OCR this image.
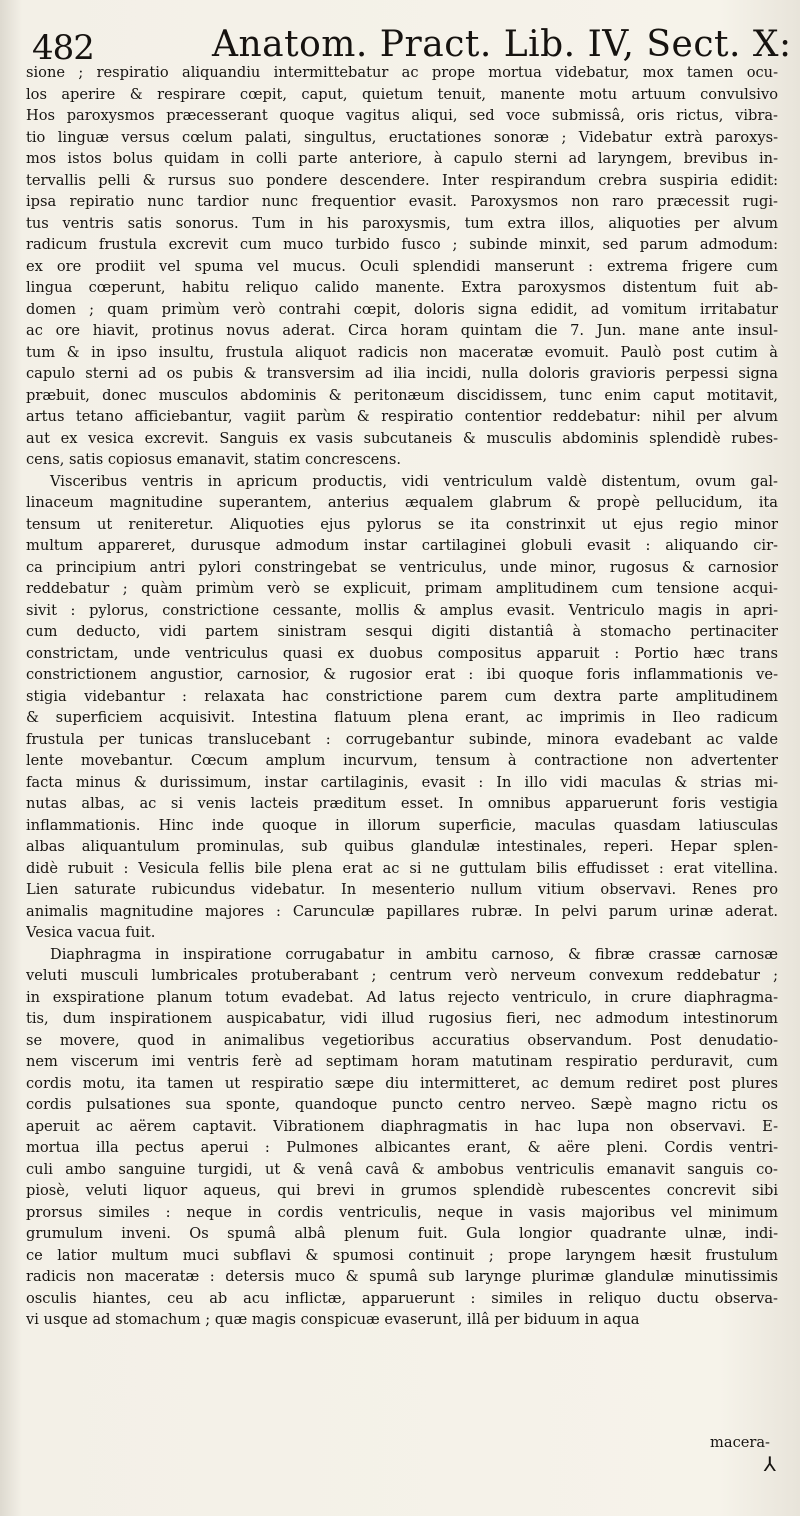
482	Anatom. Pract. Lib. IV, Sect. X:
sione ; respiratio aliquandiu intermittebatur ac prope mortua videbatur, mox tamen ocu-
los aperire & respirare cœpit, caput, quietum tenuit, manente motu artuum convulsivo
Hos paroxysmos præcesserant quoque vagitus aliqui, sed voce submissâ, oris rictus, vibra-
tio linguæ versus cœlum palati, singultus, eructationes sonoræ ; Videbatur extrà paroxys-
mos istos bolus quidam in colli parte anteriore, à capulo sterni ad laryngem, brevibus in-
tervallis pelli & rursus suo pondere descendere. Inter respirandum crebra suspiria edidit:
ipsa repiratio nunc tardior nunc frequentior evasit. Paroxysmos non raro præcessit rugi-
tus ventris satis sonorus. Tum in his paroxysmis, tum extra illos, aliquoties per alvum
radicum frustula excrevit cum muco turbido fusco ; subinde minxit, sed parum admodum:
ex ore prodiit vel spuma vel mucus. Oculi splendidi manserunt : extrema frigere cum
lingua cœperunt, habitu reliquo calido manente. Extra paroxysmos distentum fuit ab-
domen ; quam primùm verò contrahi cœpit, doloris signa edidit, ad vomitum irritabatur
ac ore hiavit, protinus novus aderat. Circa horam quintam die 7. Jun. mane ante insul-
tum & in ipso insultu, frustula aliquot radicis non maceratæ evomuit. Paulò post cutim à
capulo sterni ad os pubis & transversim ad ilia incidi, nulla doloris gravioris perpessi signa
præbuit, donec musculos abdominis & peritonæum discidissem, tunc enim caput motitavit,
artus tetano afficiebantur, vagiit parùm & respiratio contentior reddebatur: nihil per alvum
aut ex vesica excrevit. Sanguis ex vasis subcutaneis & musculis abdominis splendidè rubes-
cens, satis copiosus emanavit, statim concrescens.
Visceribus ventris in apricum productis, vidi ventriculum valdè distentum, ovum gal-
linaceum magnitudine superantem, anterius æqualem glabrum & propè pellucidum, ita
tensum ut reniteretur. Aliquoties ejus pylorus se ita constrinxit ut ejus regio minor
multum appareret, durusque admodum instar cartilaginei globuli evasit : aliquando cir-
ca principium antri pylori constringebat se ventriculus, unde minor, rugosus & carnosior
reddebatur ; quàm primùm verò se explicuit, primam amplitudinem cum tensione acqui-
sivit : pylorus, constrictione cessante, mollis & amplus evasit. Ventriculo magis in apri-
cum deducto, vidi partem sinistram sesqui digiti distantiâ à stomacho pertinaciter
constrictam, unde ventriculus quasi ex duobus compositus apparuit : Portio hæc trans
constrictionem angustior, carnosior, & rugosior erat : ibi quoque foris inflammationis ve-
stigia videbantur : relaxata hac constrictione parem cum dextra parte amplitudinem
& superficiem acquisivit. Intestina flatuum plena erant, ac imprimis in Ileo radicum
frustula per tunicas translucebant : corrugebantur subinde, minora evadebant ac valde
lente movebantur. Cœcum amplum incurvum, tensum à contractione non advertenter
facta minus & durissimum, instar cartilaginis, evasit : In illo vidi maculas & strias mi-
nutas albas, ac si venis lacteis præditum esset. In omnibus apparuerunt foris vestigia
inflammationis. Hinc inde quoque in illorum superficie, maculas quasdam latiusculas
albas aliquantulum prominulas, sub quibus glandulæ intestinales, reperi. Hepar splen-
didè rubuit : Vesicula fellis bile plena erat ac si ne guttulam bilis effudisset : erat vitellina.
Lien saturate rubicundus videbatur. In mesenterio nullum vitium observavi. Renes pro
animalis magnitudine majores : Carunculæ papillares rubræ. In pelvi parum urinæ aderat.
Vesica vacua fuit.
Diaphragma in inspiratione corrugabatur in ambitu carnoso, & fibræ crassæ carnosæ
veluti musculi lumbricales protuberabant ; centrum verò nerveum convexum reddebatur ;
in exspiratione planum totum evadebat. Ad latus rejecto ventriculo, in crure diaphragma-
tis, dum inspirationem auspicabatur, vidi illud rugosius fieri, nec admodum intestinorum
se movere, quod in animalibus vegetioribus accuratius observandum. Post denudatio-
nem viscerum imi ventris ferè ad septimam horam matutinam respiratio perduravit, cum
cordis motu, ita tamen ut respiratio sæpe diu intermitteret, ac demum rediret post plures
cordis pulsationes sua sponte, quandoque puncto centro nerveo. Sæpè magno rictu os
aperuit ac aërem captavit. Vibrationem diaphragmatis in hac lupa non observavi. E-
mortua illa pectus aperui : Pulmones albicantes erant, & aëre pleni. Cordis ventri-
culi ambo sanguine turgidi, ut & venâ cavâ & ambobus ventriculis emanavit sanguis co-
piosè, veluti liquor aqueus, qui brevi in grumos splendidè rubescentes concrevit sibi
prorsus similes : neque in cordis ventriculis, neque in vasis majoribus vel minimum
grumulum inveni. Os spumâ albâ plenum fuit. Gula longior quadrante ulnæ, indi-
ce latior multum muci subflavi & spumosi continuit ; prope laryngem hæsit frustulum
radicis non maceratæ : detersis muco & spumâ sub larynge plurimæ glandulæ minutissimis
osculis hiantes, ceu ab acu inflictæ, apparuerunt : similes in reliquo ductu observa-
vi usque ad stomachum ; quæ magis conspicuæ evaserunt, illâ per biduum in aqua
macera-
⅄
